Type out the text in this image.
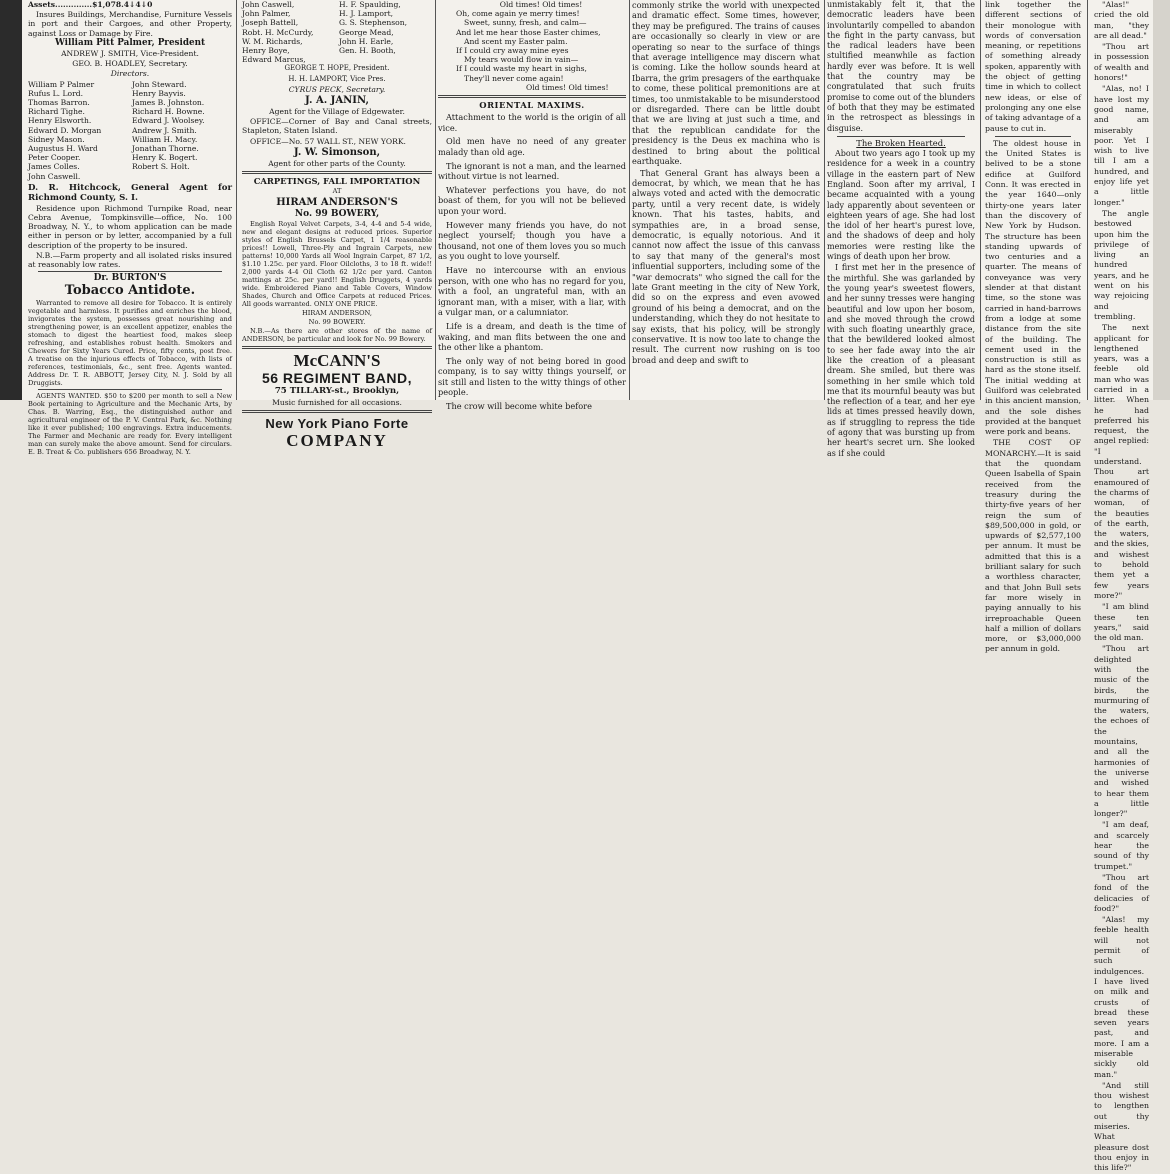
Assets..............$1,078.4↓4↓0

Insures Buildings, Merchandise, Furniture Vessels in port and their Cargoes, and other Property, against Loss or Damage by Fire.

William Pitt Palmer, President

ANDREW J. SMITH, Vice-President.

GEO. B. HOADLEY, Secretary.

Directors.

William P Palmer
Rufus L. Lord.
Thomas Barron.
Richard Tighe.
Henry Elsworth.
Edward D. Morgan
Sidney Mason.
Augustus H. Ward
Peter Cooper.
James Colles.
John Caswell.
John Steward.
Henry Bayvis.
James B. Johnston.
Richard H. Bowne.
Edward J. Woolsey.
Andrew J. Smith.
William H. Macy.
Jonathan Thorne.
Henry K. Bogert.
Robert S. Holt.

D. R. Hitchcock, General Agent for Richmond County, S. I.

Residence upon Richmond Turnpike Road, near Cebra Avenue, Tompkinsville—office, No. 100 Broadway, N. Y., to whom application can be made either in person or by letter, accompanied by a full description of the property to be insured.

N.B.—Farm property and all isolated risks insured at reasonably low rates.

Dr. BURTON'S

Tobacco Antidote.

Warranted to remove all desire for Tobacco. It is entirely vegetable and harmless. It purifies and enriches the blood, invigorates the system, possesses great nourishing and strengthening power, is an excellent appetizer, enables the stomach to digest the heartiest food, makes sleep refreshing, and establishes robust health. Smokers and Chewers for Sixty Years Cured. Price, fifty cents, post free. A treatise on the injurious effects of Tobacco, with lists of references, testimonials, &c., sent free. Agents wanted. Address Dr. T. R. ABBOTT, Jersey City, N. J. Sold by all Druggists.

AGENTS WANTED. $50 to $200 per month to sell a New Book pertaining to Agriculture and the Mechanic Arts, by Chas. B. Warring, Esq., the distinguished author and agricultural engineer of the P. V. Central Park, &c. Nothing like it ever published; 100 engravings. Extra inducements. The Farmer and Mechanic are ready for. Every intelligent man can surely make the above amount. Send for circulars. E. B. Treat & Co. publishers 656 Broadway, N. Y.

John Caswell,
John Palmer,
Joseph Battell,
Robt. H. McCurdy,
W. M. Richards,
Henry Boye,
Edward Marcus,
H. F. Spaulding,
H. J. Lamport,
G. S. Stephenson,
George Mead,
John H. Earle,
Gen. H. Booth,

GEORGE T. HOPE, President.

H. H. LAMPORT, Vice Pres.

CYRUS PECK, Secretary.

J. A. JANIN,

Agent for the Village of Edgewater.

OFFICE—Corner of Bay and Canal streets, Stapleton, Staten Island.

OFFICE—No. 57 WALL ST., NEW YORK.

J. W. Simonson,

Agent for other parts of the County.

CARPETINGS, FALL IMPORTATION

AT

HIRAM ANDERSON'S

No. 99 BOWERY,

English Royal Velvet Carpets, 3-4, 4-4 and 5-4 wide, new and elegant designs at reduced prices. Superior styles of English Brussels Carpet, 1 1/4 reasonable prices!! Lowell, Three-Ply and Ingrain Carpets, new patterns! 10,000 Yards all Wool Ingrain Carpet, 87 1/2, $1.10 1.25c. per yard. Floor Oilcloths, 3 to 18 ft. wide!! 2,000 yards 4-4 Oil Cloth 62 1/2c per yard. Canton mattings at 25c. per yard!! English Druggets, 4 yards wide. Embroidered Piano and Table Covers, Window Shades, Church and Office Carpets at reduced Prices. All goods warranted. ONLY ONE PRICE.

HIRAM ANDERSON,

No. 99 BOWERY.

N.B.—As there are other stores of the name of ANDERSON, be particular and look for No. 99 Bowery.

McCANN'S

56 REGIMENT BAND,

75 TILLARY-st., Brooklyn,

Music furnished for all occasions.

New York Piano Forte

COMPANY

Old times! Old times!
Oh, come again ye merry times!
Sweet, sunny, fresh, and calm—
And let me hear those Easter chimes,
And scent my Easter palm.
If I could cry away mine eyes
My tears would flow in vain—
If I could waste my heart in sighs,
They'll never come again!
Old times! Old times!

ORIENTAL MAXIMS.

Attachment to the world is the origin of all vice.

Old men have no need of any greater malady than old age.

The ignorant is not a man, and the learned without virtue is not learned.

Whatever perfections you have, do not boast of them, for you will not be believed upon your word.

However many friends you have, do not neglect yourself; though you have a thousand, not one of them loves you so much as you ought to love yourself.

Have no intercourse with an envious person, with one who has no regard for you, with a fool, an ungrateful man, with an ignorant man, with a miser, with a liar, with a vulgar man, or a calumniator.

Life is a dream, and death is the time of waking, and man flits between the one and the other like a phantom.

The only way of not being bored in good company, is to say witty things yourself, or sit still and listen to the witty things of other people.

The crow will become white before

commonly strike the world with unexpected and dramatic effect. Some times, however, they may be prefigured. The trains of causes are occasionally so clearly in view or are operating so near to the surface of things that average intelligence may discern what is coming. Like the hollow sounds heard at Ibarra, the grim presagers of the earthquake to come, these political premonitions are at times, too unmistakable to be misunderstood or disregarded. There can be little doubt that we are living at just such a time, and that the republican candidate for the presidency is the Deus ex machina who is destined to bring about the political earthquake.

That General Grant has always been a democrat, by which, we mean that he has always voted and acted with the democratic party, until a very recent date, is widely known. That his tastes, habits, and sympathies are, in a broad sense, democratic, is equally notorious. And it cannot now affect the issue of this canvass to say that many of the general's most influential supporters, including some of the "war democrats" who signed the call for the late Grant meeting in the city of New York, did so on the express and even avowed ground of his being a democrat, and on the understanding, which they do not hesitate to say exists, that his policy, will be strongly conservative. It is now too late to change the result. The current now rushing on is too broad and deep and swift to

unmistakably felt it, that the democratic leaders have been involuntarily compelled to abandon the fight in the party canvass, but the radical leaders have been stultified meanwhile as faction hardly ever was before. It is well that the country may be congratulated that such fruits promise to come out of the blunders of both that they may be estimated in the retrospect as blessings in disguise.

The Broken Hearted.

About two years ago I took up my residence for a week in a country village in the eastern part of New England. Soon after my arrival, I became acquainted with a young lady apparently about seventeen or eighteen years of age. She had lost the idol of her heart's purest love, and the shadows of deep and holy memories were resting like the wings of death upon her brow.

I first met her in the presence of the mirthful. She was garlanded by the young year's sweetest flowers, and her sunny tresses were hanging beautiful and low upon her bosom, and she moved through the crowd with such floating unearthly grace, that the bewildered looked almost to see her fade away into the air like the creation of a pleasant dream. She smiled, but there was something in her smile which told me that its mournful beauty was but the reflection of a tear, and her eye lids at times pressed heavily down, as if struggling to repress the tide of agony that was bursting up from her heart's secret urn. She looked as if she could

link together the different sections of their monologue with words of conversation meaning, or repetitions of something already spoken, apparently with the object of getting time in which to collect new ideas, or else of prolonging any one else of taking advantage of a pause to cut in.

The oldest house in the United States is belived to be a stone edifice at Guilford Conn. It was erected in the year 1640—only thirty-one years later than the discovery of New York by Hudson. The structure has been standing upwards of two centuries and a quarter. The means of conveyance was very slender at that distant time, so the stone was carried in hand-barrows from a lodge at some distance from the site of the building. The cement used in the construction is still as hard as the stone itself. The initial wedding at Guilford was celebrated in this ancient mansion, and the sole dishes provided at the banquet were pork and beans.

THE COST OF MONARCHY.—It is said that the quondam Queen Isabella of Spain received from the treasury during the thirty-five years of her reign the sum of $89,500,000 in gold, or upwards of $2,577,100 per annum. It must be admitted that this is a brilliant salary for such a worthless character, and that John Bull sets far more wisely in paying annually to his irreproachable Queen half a million of dollars more, or $3,000,000 per annum in gold.

"Alas!" cried the old man, "they are all dead."

"Thou art in possession of wealth and honors!"

"Alas, no! I have lost my good name, and am miserably poor. Yet I wish to live till I am a hundred, and enjoy life yet a little longer."

The angle bestowed upon him the privilege of living an hundred years, and he went on his way rejoicing and trembling.

The next applicant for lengthened years, was a feeble old man who was carried in a litter. When he had preferred his request, the angel replied: "I understand. Thou art enamoured of the charms of woman, of the beauties of the earth, the waters, and the skies, and wishest to behold them yet a few years more?"

"I am blind these ten years," said the old man.

"Thou art delighted with the music of the birds, the murmuring of the waters, the echoes of the mountains, and all the harmonies of the universe and wished to hear them a little longer?"

"I am deaf, and scarcely hear the sound of thy trumpet."

"Thou art fond of the delicacies of food?"

"Alas! my feeble health will not permit of such indulgences. I have lived on milk and crusts of bread these seven years past, and more. I am a miserable sickly old man."

"And still thou wishest to lengthen out thy miseries. What pleasure dost thou enjoy in this life?"
